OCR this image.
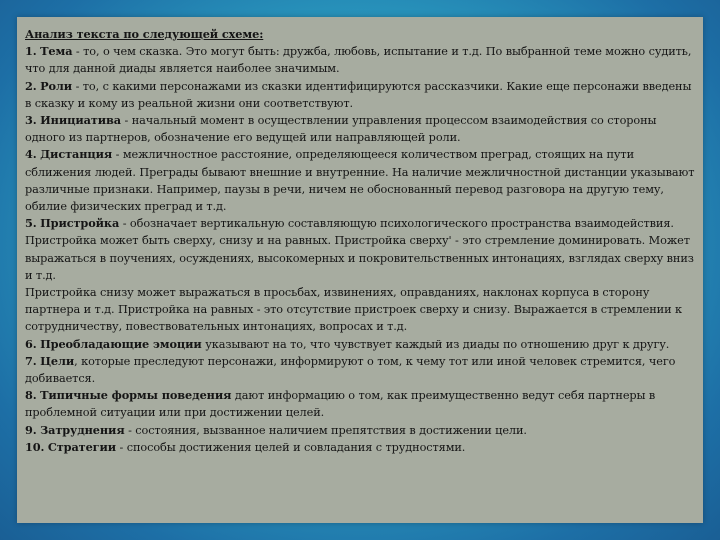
Анализ текста по следующей схеме:

1. Тема - то, о чем сказка. Это могут быть: дружба, любовь, испытание и т.д. По выбранной теме можно судить, что для данной диады является наиболее значимым.

2. Роли - то, с какими персонажами из сказки идентифицируются рассказчики. Какие еще персонажи введены в сказку и кому из реальной жизни они соответствуют.

3. Инициатива - начальный момент в осуществлении управления процессом взаимодействия со стороны одного из партнеров, обозначение его ведущей или направляющей роли.

4. Дистанция - межличностное расстояние, определяющееся количеством преград, стоящих на пути сближения людей. Преграды бывают внешние и внутренние. На наличие межличностной дистанции указывают различные признаки. Например, паузы в речи, ничем не обоснованный перевод разговора на другую тему, обилие физических преград и т.д.

5. Пристройка - обозначает вертикальную составляющую психологического пространства взаимодействия. Пристройка может быть сверху, снизу и на равных. Пристройка сверху' - это стремление доминировать. Может выражаться в поучениях, осуждениях, высокомерных и покровительственных интонациях, взглядах сверху вниз и т.д.

Пристройка снизу может выражаться в просьбах, извинениях, оправданиях, наклонах корпуса в сторону партнера и т.д. Пристройка на равных - это отсутствие пристроек сверху и снизу. Выражается в стремлении к сотрудничеству, повествовательных интонациях, вопросах и т.д.

6. Преобладающие эмоции указывают на то, что чувствует каждый из диады по отношению друг к другу.

7. Цели, которые преследуют персонажи, информируют о том, к чему тот или иной человек стремится, чего добивается.

8. Типичные формы поведения дают информацию о том, как преимущественно ведут себя партнеры в проблемной ситуации или при достижении целей.

9. Затруднения - состояния, вызванное наличием препятствия в достижении цели.

10. Стратегии - способы достижения целей и совладания с трудностями.
